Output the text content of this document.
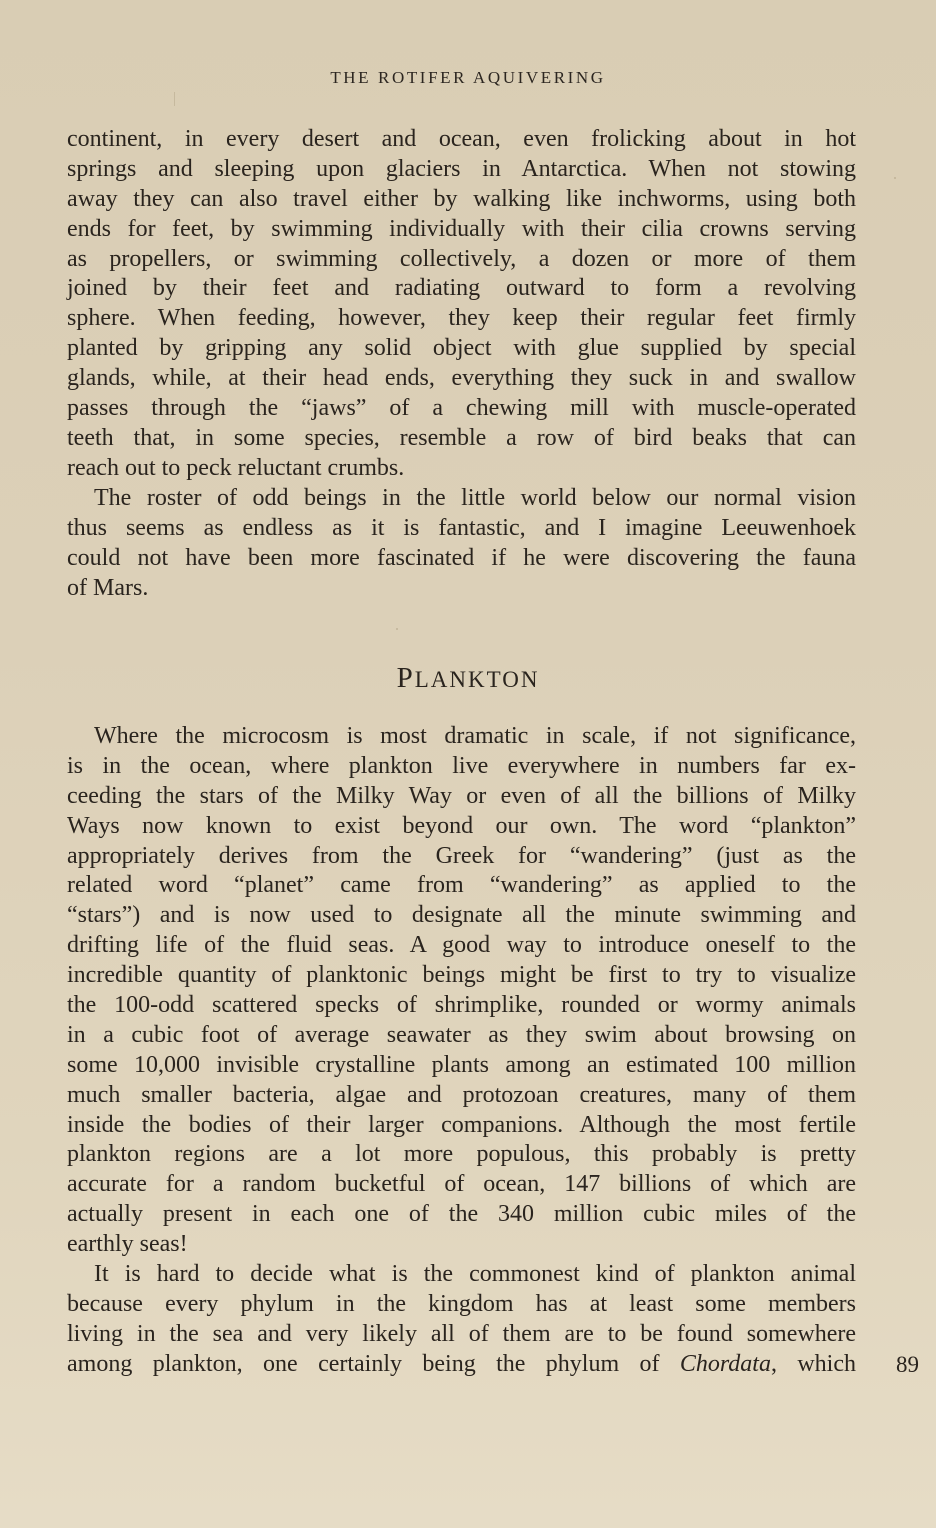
THE ROTIFER AQUIVERING
continent, in every desert and ocean, even frolicking about in hot
springs and sleeping upon glaciers in Antarctica. When not stowing
away they can also travel either by walking like inchworms, using both
ends for feet, by swimming individually with their cilia crowns serving
as propellers, or swimming collectively, a dozen or more of them
joined by their feet and radiating outward to form a revolving
sphere. When feeding, however, they keep their regular feet firmly
planted by gripping any solid object with glue supplied by special
glands, while, at their head ends, everything they suck in and swallow
passes through the “jaws” of a chewing mill with muscle-operated
teeth that, in some species, resemble a row of bird beaks that can
reach out to peck reluctant crumbs.
The roster of odd beings in the little world below our normal vision
thus seems as endless as it is fantastic, and I imagine Leeuwenhoek
could not have been more fascinated if he were discovering the fauna
of Mars.
PLANKTON
Where the microcosm is most dramatic in scale, if not significance,
is in the ocean, where plankton live everywhere in numbers far ex-
ceeding the stars of the Milky Way or even of all the billions of Milky
Ways now known to exist beyond our own. The word “plankton”
appropriately derives from the Greek for “wandering” (just as the
related word “planet” came from “wandering” as applied to the
“stars”) and is now used to designate all the minute swimming and
drifting life of the fluid seas. A good way to introduce oneself to the
incredible quantity of planktonic beings might be first to try to visualize
the 100-odd scattered specks of shrimplike, rounded or wormy animals
in a cubic foot of average seawater as they swim about browsing on
some 10,000 invisible crystalline plants among an estimated 100 million
much smaller bacteria, algae and protozoan creatures, many of them
inside the bodies of their larger companions. Although the most fertile
plankton regions are a lot more populous, this probably is pretty
accurate for a random bucketful of ocean, 147 billions of which are
actually present in each one of the 340 million cubic miles of the
earthly seas!
It is hard to decide what is the commonest kind of plankton animal
because every phylum in the kingdom has at least some members
living in the sea and very likely all of them are to be found somewhere
among plankton, one certainly being the phylum of Chordata, which 89
